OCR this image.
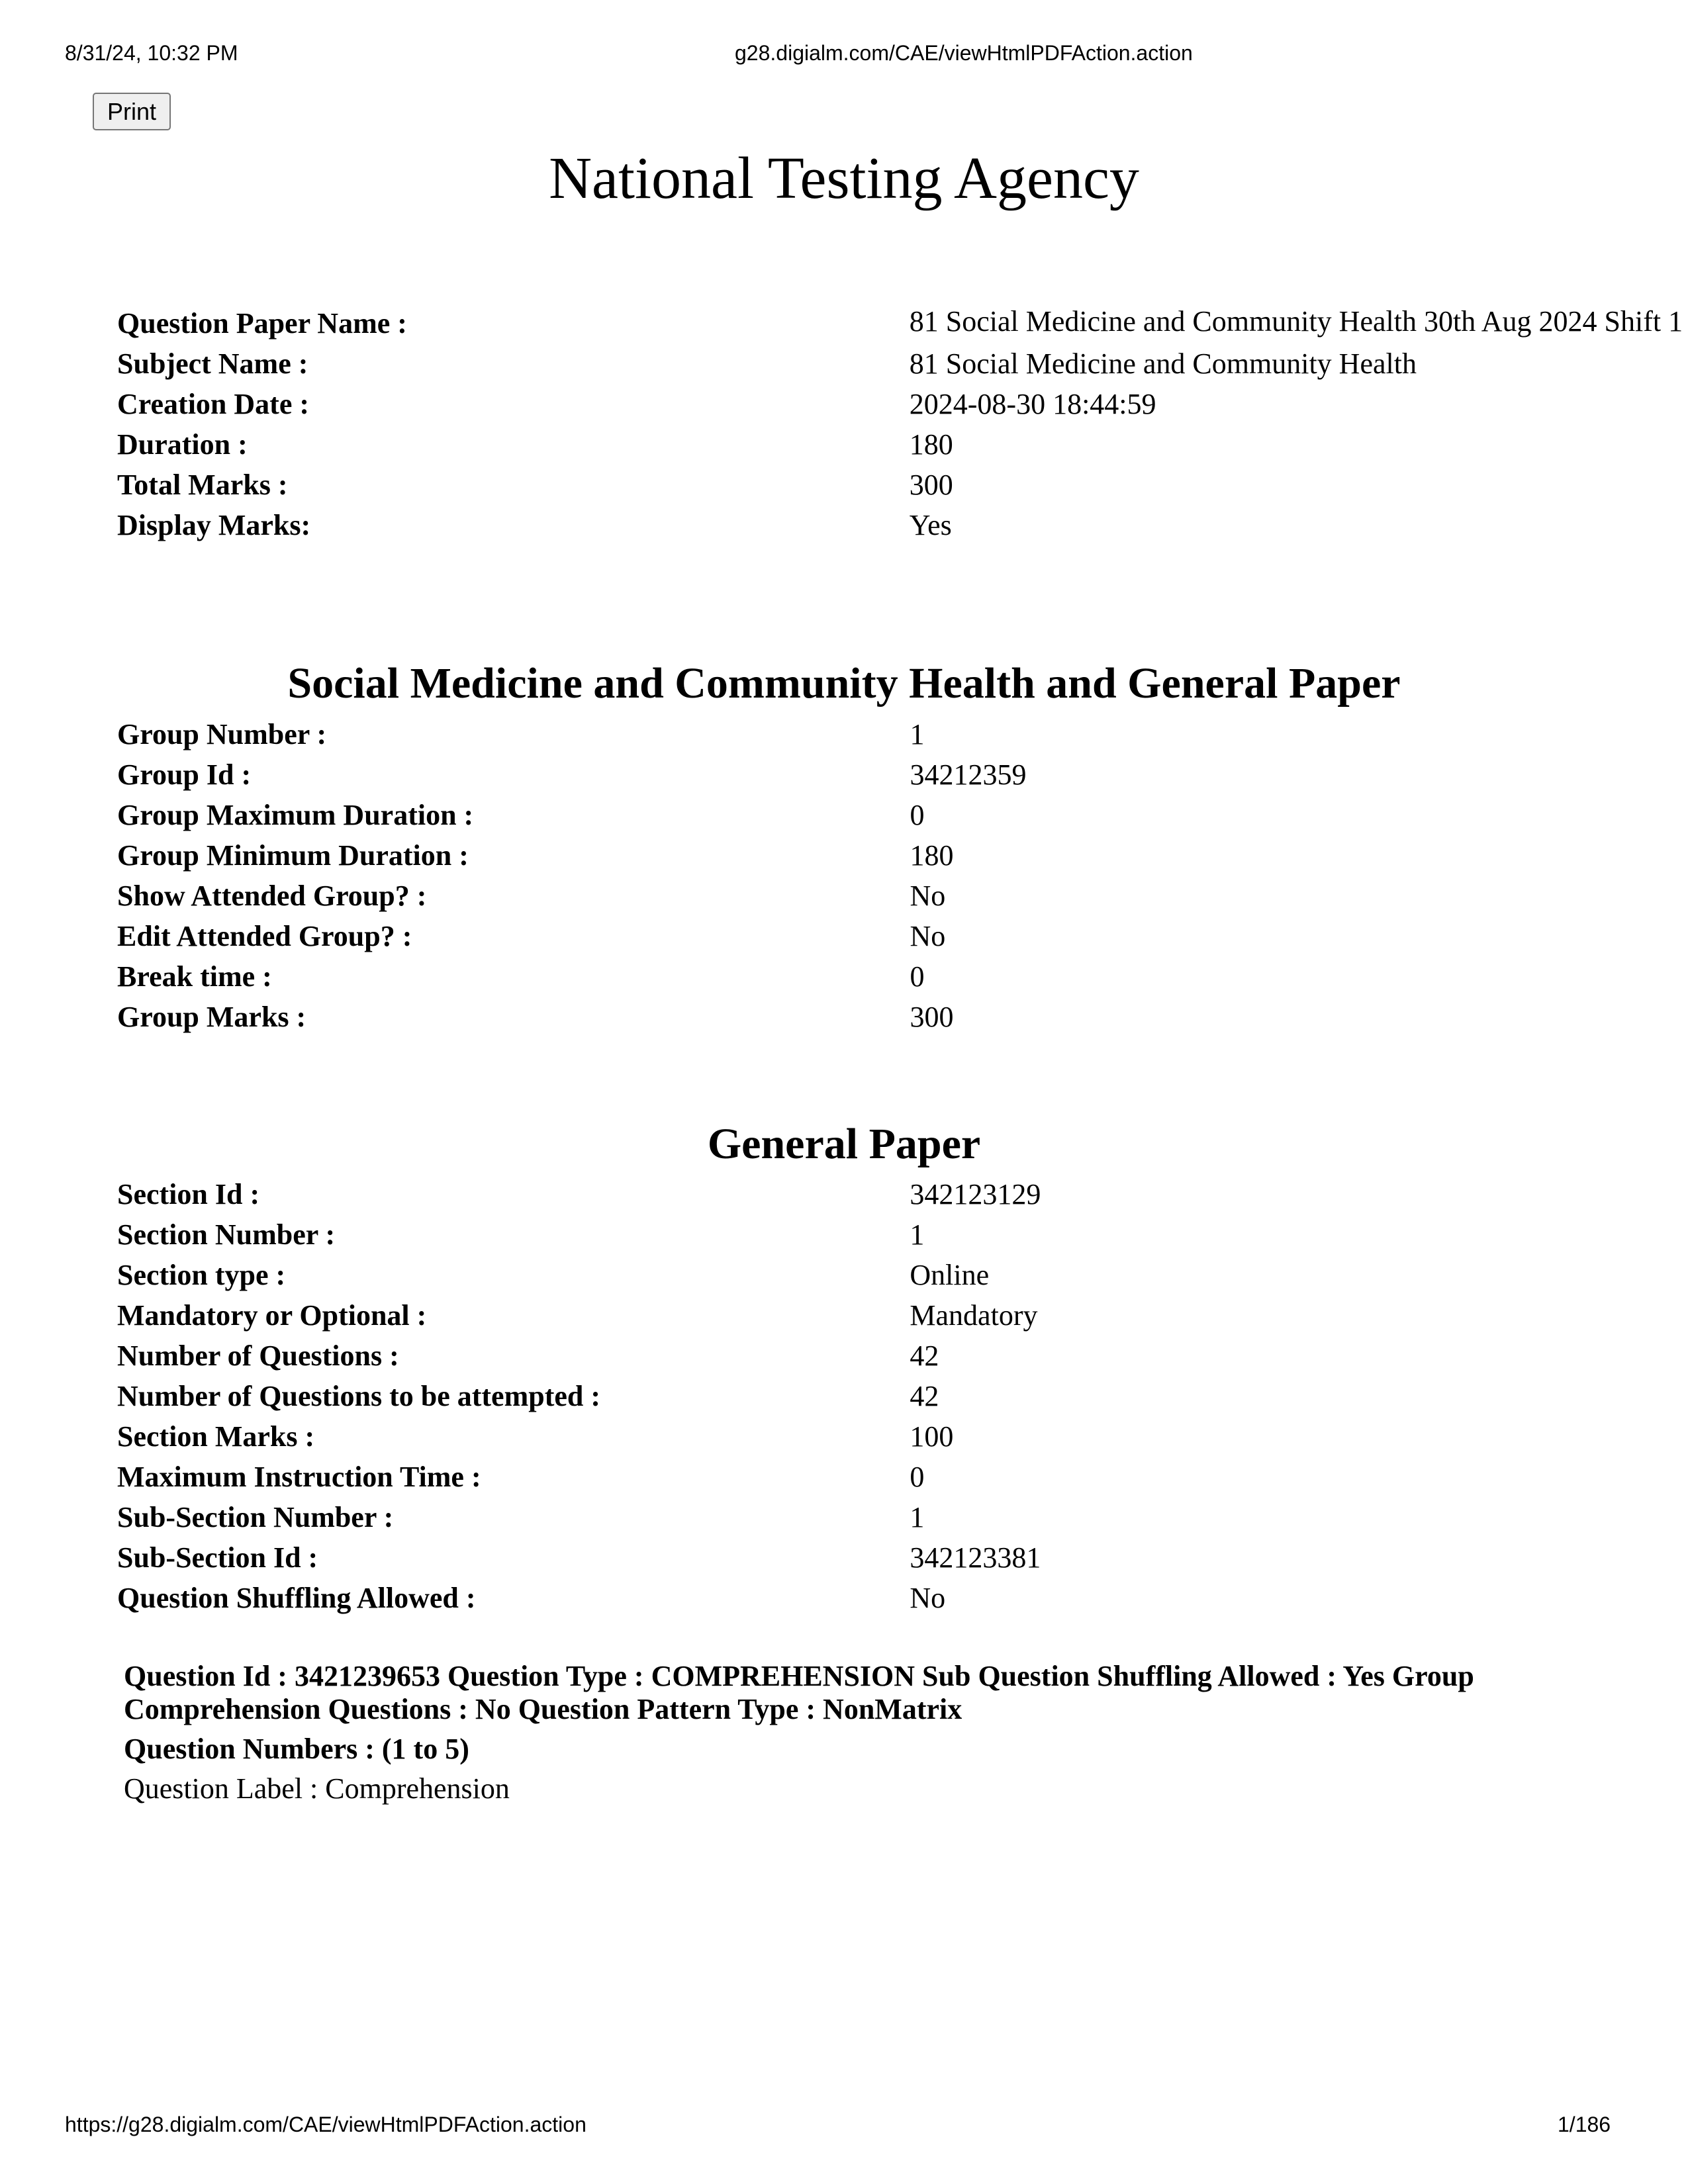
8/31/24, 10:32 PM	g28.digialm.com/CAE/viewHtmlPDFAction.action
Print
National Testing Agency
Question Paper Name :	81 Social Medicine and Community Health 30th Aug 2024 Shift 1
Subject Name :	81 Social Medicine and Community Health
Creation Date :	2024-08-30 18:44:59
Duration :	180
Total Marks :	300
Display Marks:	Yes
Social Medicine and Community Health and General Paper
Group Number :	1
Group Id :	34212359
Group Maximum Duration :	0
Group Minimum Duration :	180
Show Attended Group? :	No
Edit Attended Group? :	No
Break time :	0
Group Marks :	300
General Paper
Section Id :	342123129
Section Number :	1
Section type :	Online
Mandatory or Optional :	Mandatory
Number of Questions :	42
Number of Questions to be attempted :	42
Section Marks :	100
Maximum Instruction Time :	0
Sub-Section Number :	1
Sub-Section Id :	342123381
Question Shuffling Allowed :	No

Question Id : 3421239653 Question Type : COMPREHENSION Sub Question Shuffling Allowed : Yes Group Comprehension Questions : No Question Pattern Type : NonMatrix

Question Numbers : (1 to 5)

Question Label : Comprehension

https://g28.digialm.com/CAE/viewHtmlPDFAction.action	1/186
